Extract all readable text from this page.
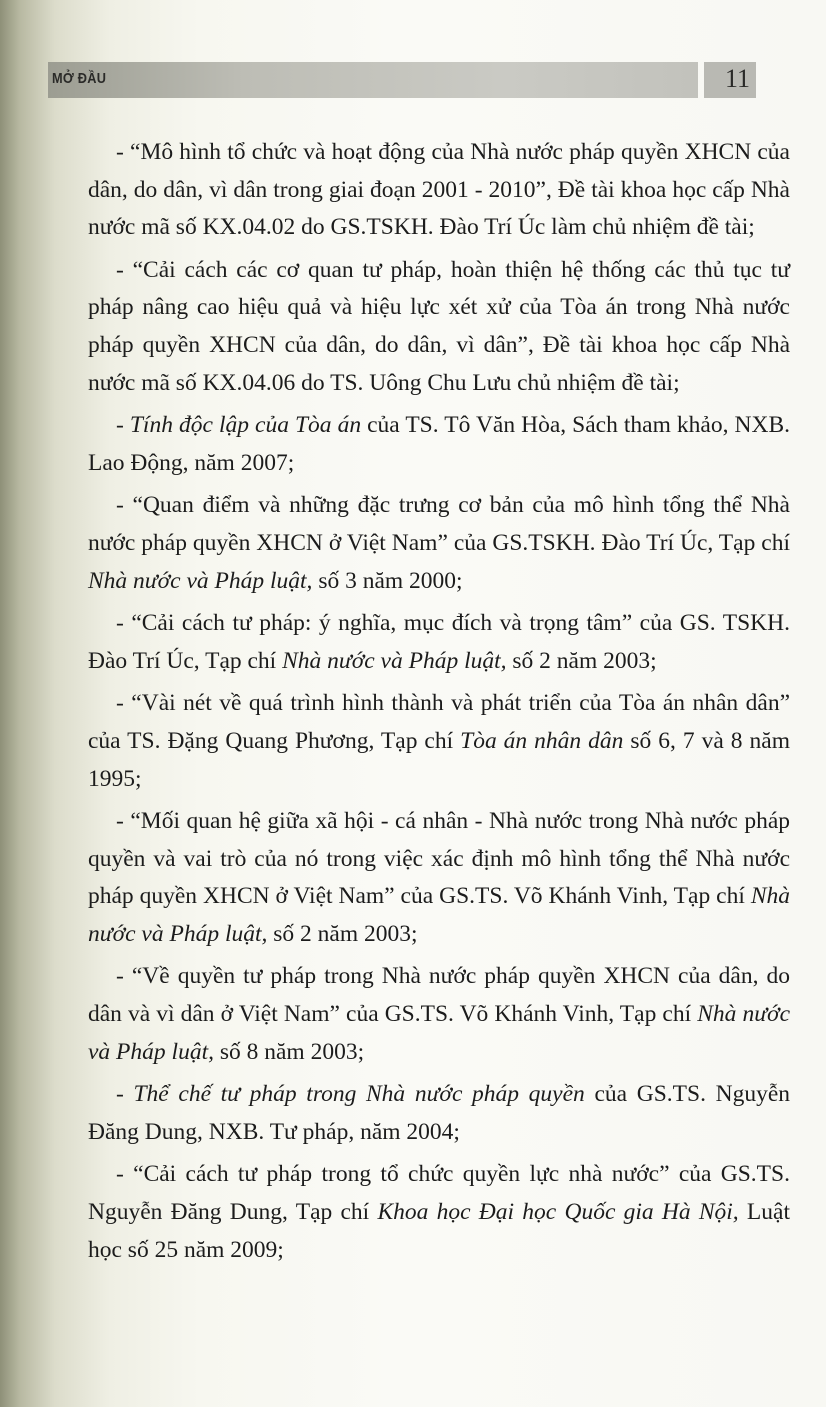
MỞ ĐẦU	11

- “Mô hình tổ chức và hoạt động của Nhà nước pháp quyền XHCN của dân, do dân, vì dân trong giai đoạn 2001 - 2010”, Đề tài khoa học cấp Nhà nước mã số KX.04.02 do GS.TSKH. Đào Trí Úc làm chủ nhiệm đề tài;

- “Cải cách các cơ quan tư pháp, hoàn thiện hệ thống các thủ tục tư pháp nâng cao hiệu quả và hiệu lực xét xử của Tòa án trong Nhà nước pháp quyền XHCN của dân, do dân, vì dân”, Đề tài khoa học cấp Nhà nước mã số KX.04.06 do TS. Uông Chu Lưu chủ nhiệm đề tài;

- Tính độc lập của Tòa án của TS. Tô Văn Hòa, Sách tham khảo, NXB. Lao Động, năm 2007;

- “Quan điểm và những đặc trưng cơ bản của mô hình tổng thể Nhà nước pháp quyền XHCN ở Việt Nam” của GS.TSKH. Đào Trí Úc, Tạp chí Nhà nước và Pháp luật, số 3 năm 2000;

- “Cải cách tư pháp: ý nghĩa, mục đích và trọng tâm” của GS. TSKH. Đào Trí Úc, Tạp chí Nhà nước và Pháp luật, số 2 năm 2003;

- “Vài nét về quá trình hình thành và phát triển của Tòa án nhân dân” của TS. Đặng Quang Phương, Tạp chí Tòa án nhân dân số 6, 7 và 8 năm 1995;

- “Mối quan hệ giữa xã hội - cá nhân - Nhà nước trong Nhà nước pháp quyền và vai trò của nó trong việc xác định mô hình tổng thể Nhà nước pháp quyền XHCN ở Việt Nam” của GS.TS. Võ Khánh Vinh, Tạp chí Nhà nước và Pháp luật, số 2 năm 2003;

- “Về quyền tư pháp trong Nhà nước pháp quyền XHCN của dân, do dân và vì dân ở Việt Nam” của GS.TS. Võ Khánh Vinh, Tạp chí Nhà nước và Pháp luật, số 8 năm 2003;

- Thể chế tư pháp trong Nhà nước pháp quyền của GS.TS. Nguyễn Đăng Dung, NXB. Tư pháp, năm 2004;

- “Cải cách tư pháp trong tổ chức quyền lực nhà nước” của GS.TS. Nguyễn Đăng Dung, Tạp chí Khoa học Đại học Quốc gia Hà Nội, Luật học số 25 năm 2009;
